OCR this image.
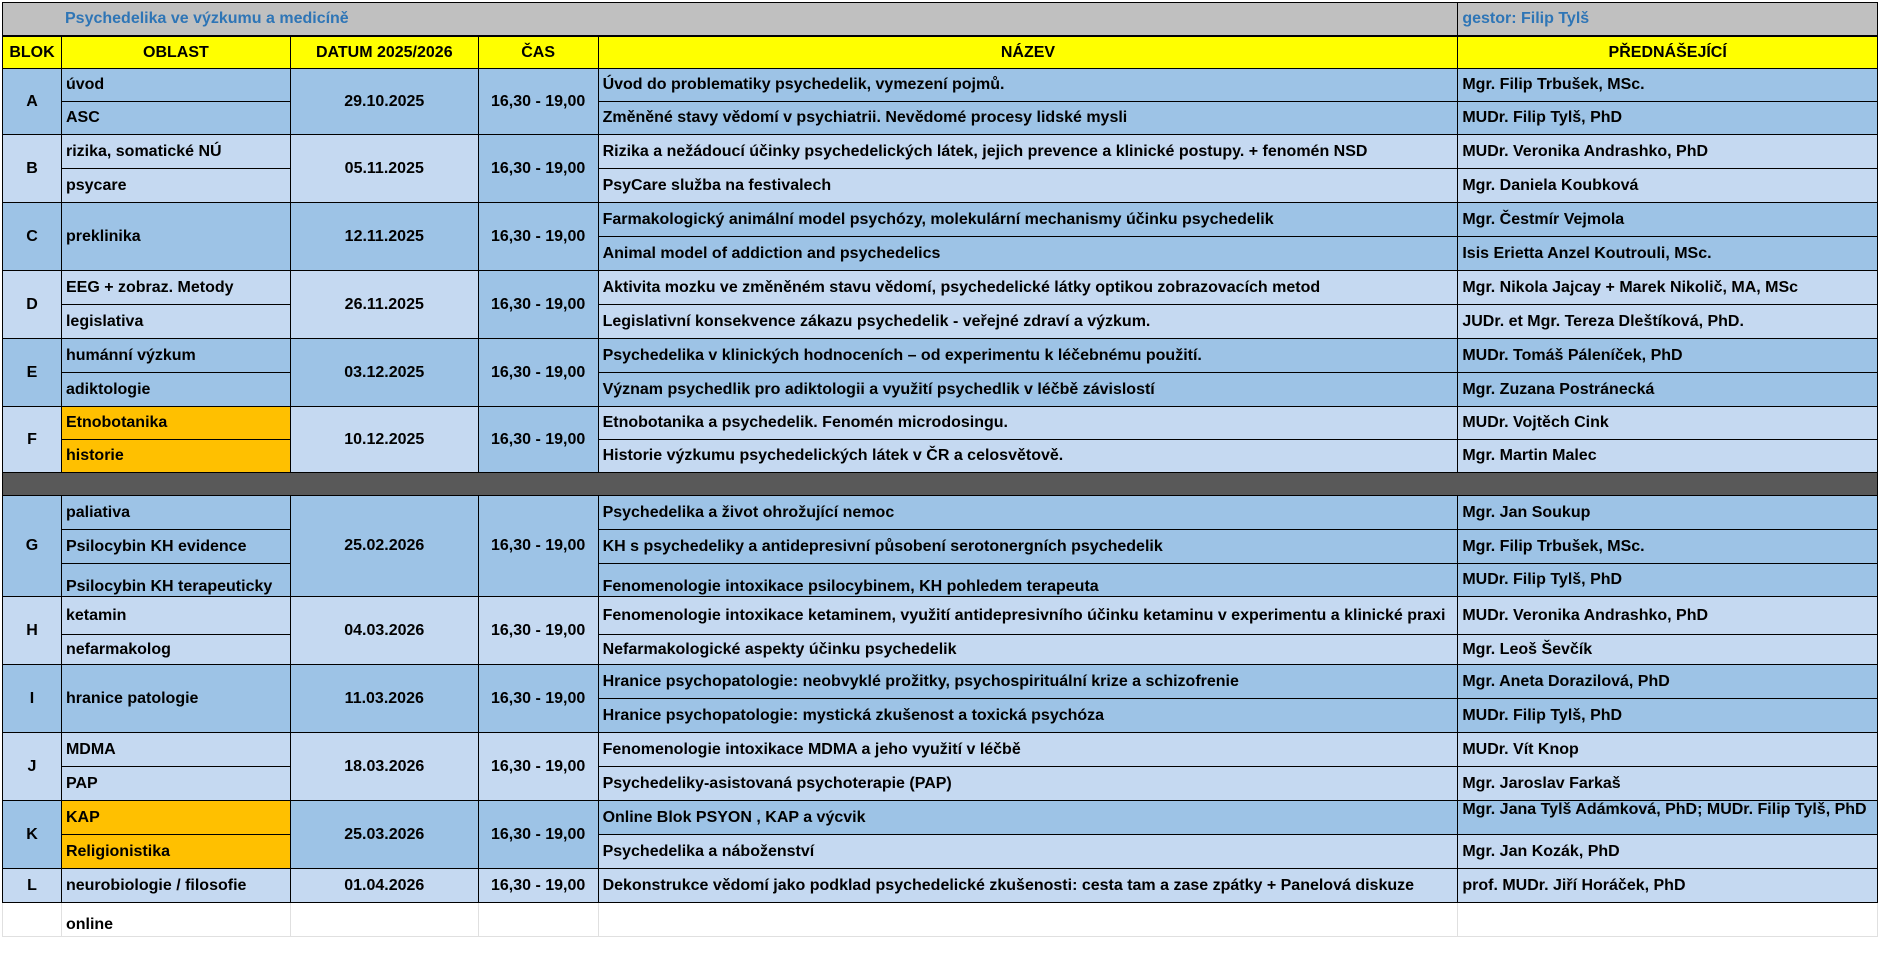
Psychedelika ve výzkumu a medicíně					gestor: Filip Tylš
BLOK	OBLAST	DATUM 2025/2026	ČAS	NÁZEV	PŘEDNÁŠEJÍCÍ
A	úvod	29.10.2025	16,30 - 19,00	Úvod do problematiky psychedelik, vymezení pojmů.	Mgr. Filip Trbušek, MSc.
	ASC			Změněné stavy vědomí v psychiatrii. Nevědomé procesy lidské mysli	MUDr. Filip Tylš, PhD
B	rizika, somatické NÚ	05.11.2025	16,30 - 19,00	Rizika a nežádoucí účinky psychedelických látek, jejich prevence a klinické postupy. + fenomén NSD	MUDr. Veronika Andrashko, PhD
	psycare			PsyCare služba na festivalech	Mgr. Daniela Koubková
C	preklinika	12.11.2025	16,30 - 19,00	Farmakologický animální model psychózy, molekulární mechanismy účinku psychedelik	Mgr. Čestmír Vejmola
				Animal model of addiction and psychedelics	Isis Erietta Anzel Koutrouli, MSc.
D	EEG + zobraz. Metody	26.11.2025	16,30 - 19,00	Aktivita mozku ve změněném stavu vědomí, psychedelické látky optikou zobrazovacích metod	Mgr. Nikola Jajcay + Marek Nikolič, MA, MSc
	legislativa			Legislativní konsekvence zákazu psychedelik - veřejné zdraví a výzkum.	JUDr. et Mgr. Tereza Dleštíková, PhD.
E	humánní výzkum	03.12.2025	16,30 - 19,00	Psychedelika v klinických hodnoceních – od experimentu k léčebnému použití.	MUDr. Tomáš Páleníček, PhD
	adiktologie			Význam psychedlik pro adiktologii a využití psychedlik v léčbě závislostí	Mgr. Zuzana Postránecká
F	Etnobotanika	10.12.2025	16,30 - 19,00	Etnobotanika a psychedelik. Fenomén microdosingu.	MUDr. Vojtěch Cink
	historie			Historie výzkumu psychedelických látek v ČR a celosvětově.	Mgr. Martin Malec

G	paliativa	25.02.2026	16,30 - 19,00	Psychedelika a život ohrožující nemoc	Mgr. Jan Soukup
	Psilocybin KH evidence			KH s psychedeliky a antidepresivní působení serotonergních psychedelik	Mgr. Filip Trbušek, MSc.
	Psilocybin KH terapeuticky			Fenomenologie intoxikace psilocybinem, KH pohledem terapeuta	MUDr. Filip Tylš, PhD
H	ketamin	04.03.2026	16,30 - 19,00	Fenomenologie intoxikace ketaminem, využití antidepresivního účinku ketaminu v experimentu a klinické praxi	MUDr. Veronika Andrashko, PhD
	nefarmakolog			Nefarmakologické aspekty účinku psychedelik	Mgr. Leoš Ševčík
I	hranice patologie	11.03.2026	16,30 - 19,00	Hranice psychopatologie: neobvyklé prožitky, psychospirituální krize a schizofrenie	Mgr. Aneta Dorazilová, PhD
				Hranice psychopatologie: mystická zkušenost a toxická psychóza	MUDr. Filip Tylš, PhD
J	MDMA	18.03.2026	16,30 - 19,00	Fenomenologie intoxikace MDMA a jeho využití v léčbě	MUDr. Vít Knop
	PAP			Psychedeliky-asistovaná psychoterapie (PAP)	Mgr. Jaroslav Farkaš
K	KAP	25.03.2026	16,30 - 19,00	Online Blok PSYON , KAP a výcvik	Mgr. Jana Tylš Adámková, PhD; MUDr. Filip Tylš, PhD
	Religionistika			Psychedelika a náboženství	Mgr. Jan Kozák, PhD
L	neurobiologie / filosofie	01.04.2026	16,30 - 19,00	Dekonstrukce vědomí jako podklad psychedelické zkušenosti: cesta tam a zase zpátky + Panelová diskuze	prof. MUDr. Jiří Horáček, PhD
	online				
